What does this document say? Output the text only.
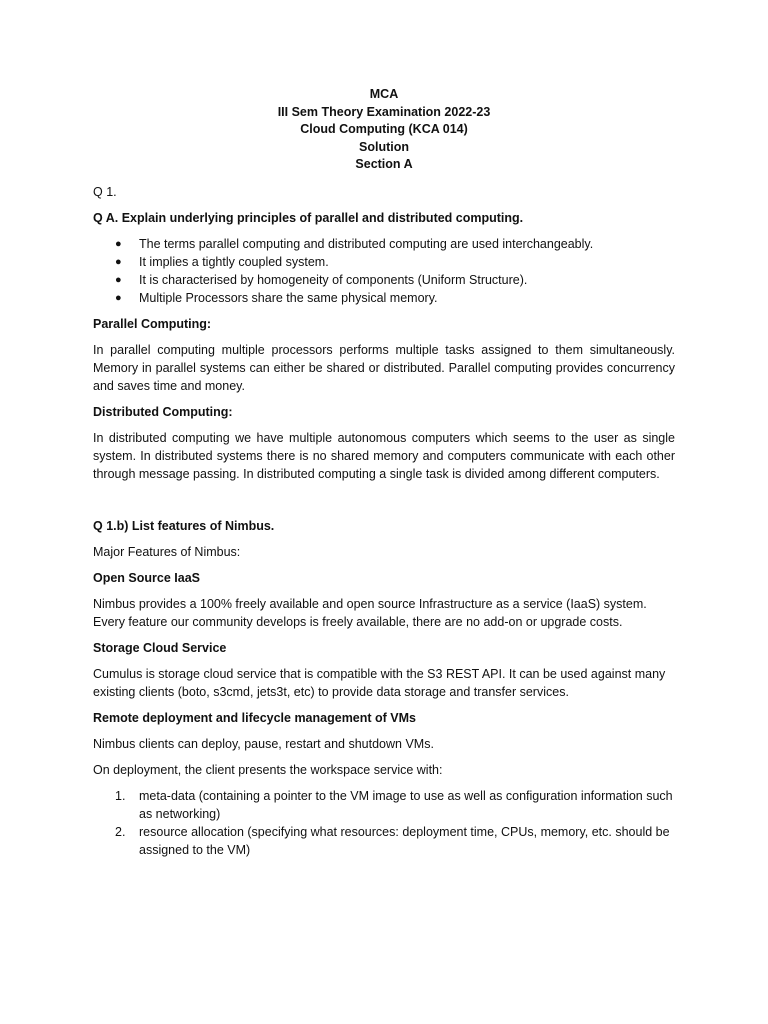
MCA
III Sem Theory Examination 2022-23
Cloud Computing (KCA 014)
Solution
Section A

Q 1.

Q A. Explain underlying principles of parallel and distributed computing.

● The terms parallel computing and distributed computing are used interchangeably.
● It implies a tightly coupled system.
● It is characterised by homogeneity of components (Uniform Structure).
● Multiple Processors share the same physical memory.

Parallel Computing:

In parallel computing multiple processors performs multiple tasks assigned to them simultaneously. Memory in parallel systems can either be shared or distributed. Parallel computing provides concurrency and saves time and money.

Distributed Computing:

In distributed computing we have multiple autonomous computers which seems to the user as single system. In distributed systems there is no shared memory and computers communicate with each other through message passing. In distributed computing a single task is divided among different computers.

Q 1.b) List features of Nimbus.

Major Features of Nimbus:

Open Source IaaS

Nimbus provides a 100% freely available and open source Infrastructure as a service (IaaS) system. Every feature our community develops is freely available, there are no add-on or upgrade costs.

Storage Cloud Service

Cumulus is storage cloud service that is compatible with the S3 REST API. It can be used against many existing clients (boto, s3cmd, jets3t, etc) to provide data storage and transfer services.

Remote deployment and lifecycle management of VMs

Nimbus clients can deploy, pause, restart and shutdown VMs.

On deployment, the client presents the workspace service with:

1. meta-data (containing a pointer to the VM image to use as well as configuration information such as networking)
2. resource allocation (specifying what resources: deployment time, CPUs, memory, etc. should be assigned to the VM)
